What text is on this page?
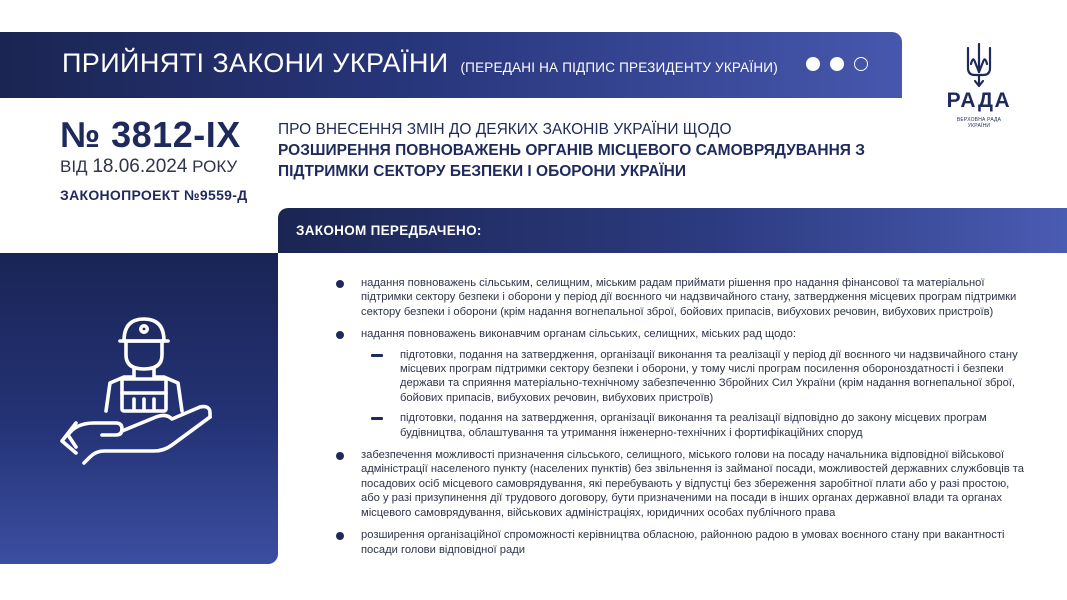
ПРИЙНЯТІ ЗАКОНИ УКРАЇНИ (ПЕРЕДАНІ НА ПІДПИС ПРЕЗИДЕНТУ УКРАЇНИ)
РАДА
ВЕРХОВНА РАДА
УКРАЇНИ
№ 3812-IX
ВІД 18.06.2024 РОКУ
ЗАКОНОПРОЕКТ №9559-Д
ПРО ВНЕСЕННЯ ЗМІН ДО ДЕЯКИХ ЗАКОНІВ УКРАЇНИ ЩОДО
РОЗШИРЕННЯ ПОВНОВАЖЕНЬ ОРГАНІВ МІСЦЕВОГО САМОВРЯДУВАННЯ З ПІДТРИМКИ СЕКТОРУ БЕЗПЕКИ І ОБОРОНИ УКРАЇНИ
ЗАКОНОМ ПЕРЕДБАЧЕНО:
надання повноважень сільським, селищним, міським радам приймати рішення про надання фінансової та матеріальної підтримки сектору безпеки і оборони у період дії воєнного чи надзвичайного стану, затвердження місцевих програм підтримки сектору безпеки і оборони (крім надання вогнепальної зброї, бойових припасів, вибухових речовин, вибухових пристроїв)
надання повноважень виконавчим органам сільських, селищних, міських рад щодо:
підготовки, подання на затвердження, організації виконання та реалізації у період дії воєнного чи надзвичайного стану місцевих програм підтримки сектору безпеки і оборони, у тому числі програм посилення обороноздатності і безпеки держави та сприяння матеріально-технічному забезпеченню Збройних Сил України (крім надання вогнепальної зброї, бойових припасів, вибухових речовин, вибухових пристроїв)
підготовки, подання на затвердження, організації виконання та реалізації відповідно до закону місцевих програм будівництва, облаштування та утримання інженерно-технічних і фортифікаційних споруд
забезпечення можливості призначення сільського, селищного, міського голови на посаду начальника відповідної військової адміністрації населеного пункту (населених пунктів) без звільнення із займаної посади, можливостей державних службовців та посадових осіб місцевого самоврядування, які перебувають у відпустці без збереження заробітної плати або у разі простою, або у разі призупинення дії трудового договору, бути призначеними на посади в інших органах державної влади та органах місцевого самоврядування, військових адміністраціях, юридичних особах публічного права
розширення організаційної спроможності керівництва обласною, районною радою в умовах воєнного стану при вакантності посади голови відповідної ради
